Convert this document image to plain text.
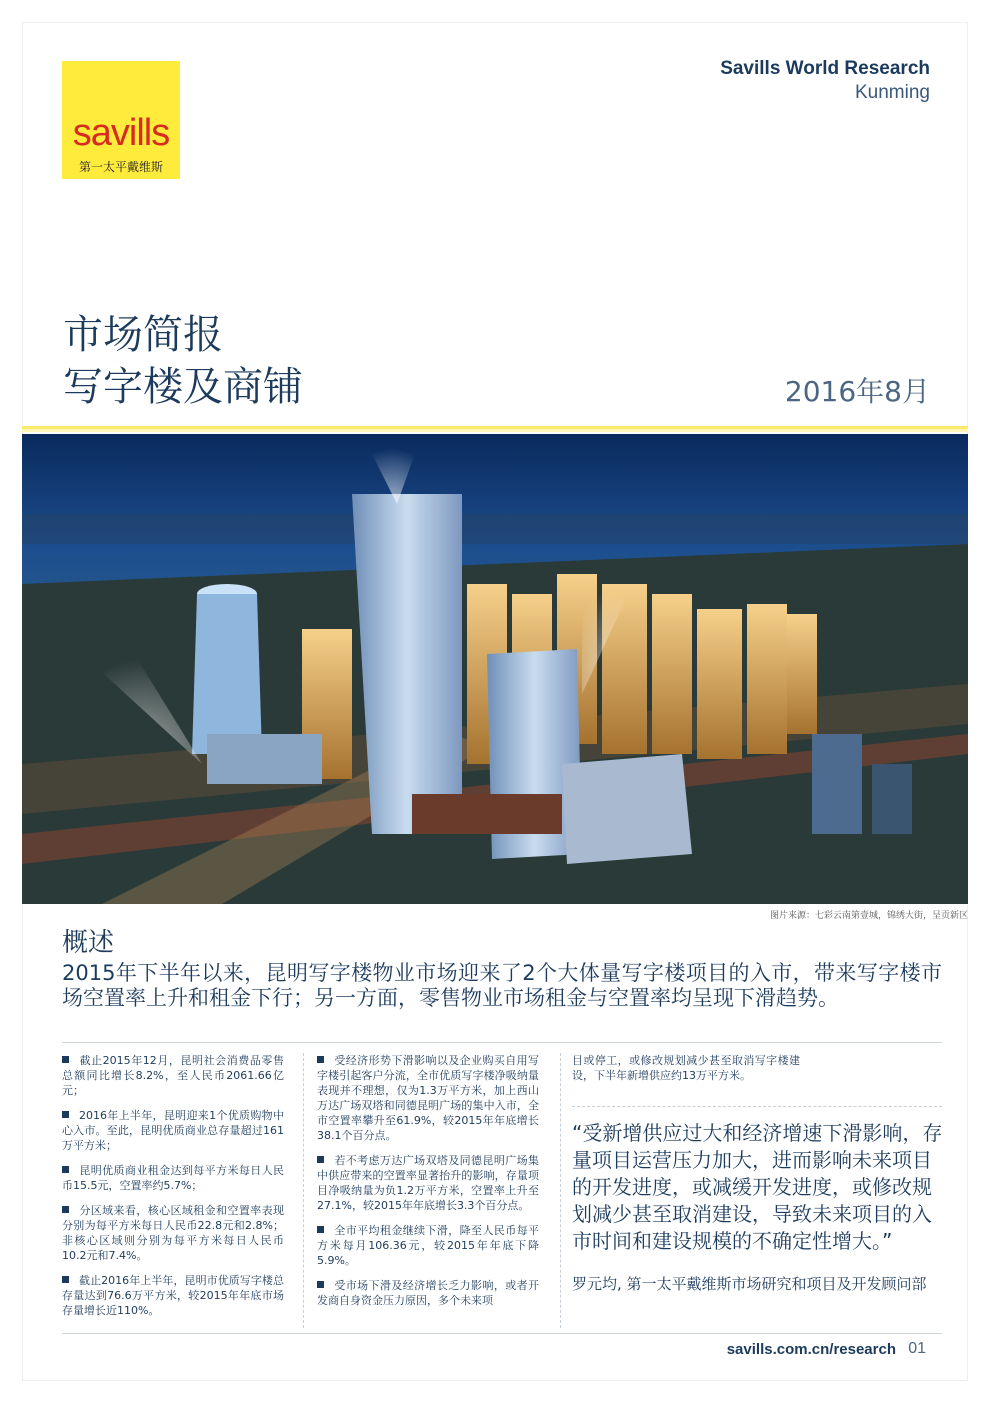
savills
第一太平戴维斯
Savills World Research
Kunming
市场简报
写字楼及商铺	2016年8月
图片来源：七彩云南第壹城，锦绣大街，呈贡新区
概述
2015年下半年以来，昆明写字楼物业市场迎来了2个大体量写字楼项目的入市，带来写字楼市场空置率上升和租金下行；另一方面，零售物业市场租金与空置率均呈现下滑趋势。

截止2015年12月，昆明社会消费品零售总额同比增长8.2%，至人民币2061.66亿元；

2016年上半年，昆明迎来1个优质购物中心入市。至此，昆明优质商业总存量超过161万平方米；

昆明优质商业租金达到每平方米每日人民币15.5元，空置率约5.7%；

分区域来看，核心区域租金和空置率表现分别为每平方米每日人民币22.8元和2.8%；非核心区域则分别为每平方米每日人民币10.2元和7.4%。

截止2016年上半年，昆明市优质写字楼总存量达到76.6万平方米，较2015年年底市场存量增长近110%。

受经济形势下滑影响以及企业购买自用写字楼引起客户分流，全市优质写字楼净吸纳量表现并不理想，仅为1.3万平方米，加上西山万达广场双塔和同德昆明广场的集中入市，全市空置率攀升至61.9%，较2015年年底增长38.1个百分点。

若不考虑万达广场双塔及同德昆明广场集中供应带来的空置率显著抬升的影响，存量项目净吸纳量为负1.2万平方米，空置率上升至27.1%，较2015年年底增长3.3个百分点。

全市平均租金继续下滑，降至人民币每平方米每月106.36元，较2015年年底下降5.9%。

受市场下滑及经济增长乏力影响，或者开发商自身资金压力原因，多个未来项

目或停工，或修改规划减少甚至取消写字楼建设，下半年新增供应约13万平方米。

“受新增供应过大和经济增速下滑影响，存量项目运营压力加大，进而影响未来项目的开发进度，或减缓开发进度，或修改规划减少甚至取消建设，导致未来项目的入市时间和建设规模的不确定性增大。”
罗元均, 第一太平戴维斯市场研究和项目及开发顾问部
savills.com.cn/research 01
